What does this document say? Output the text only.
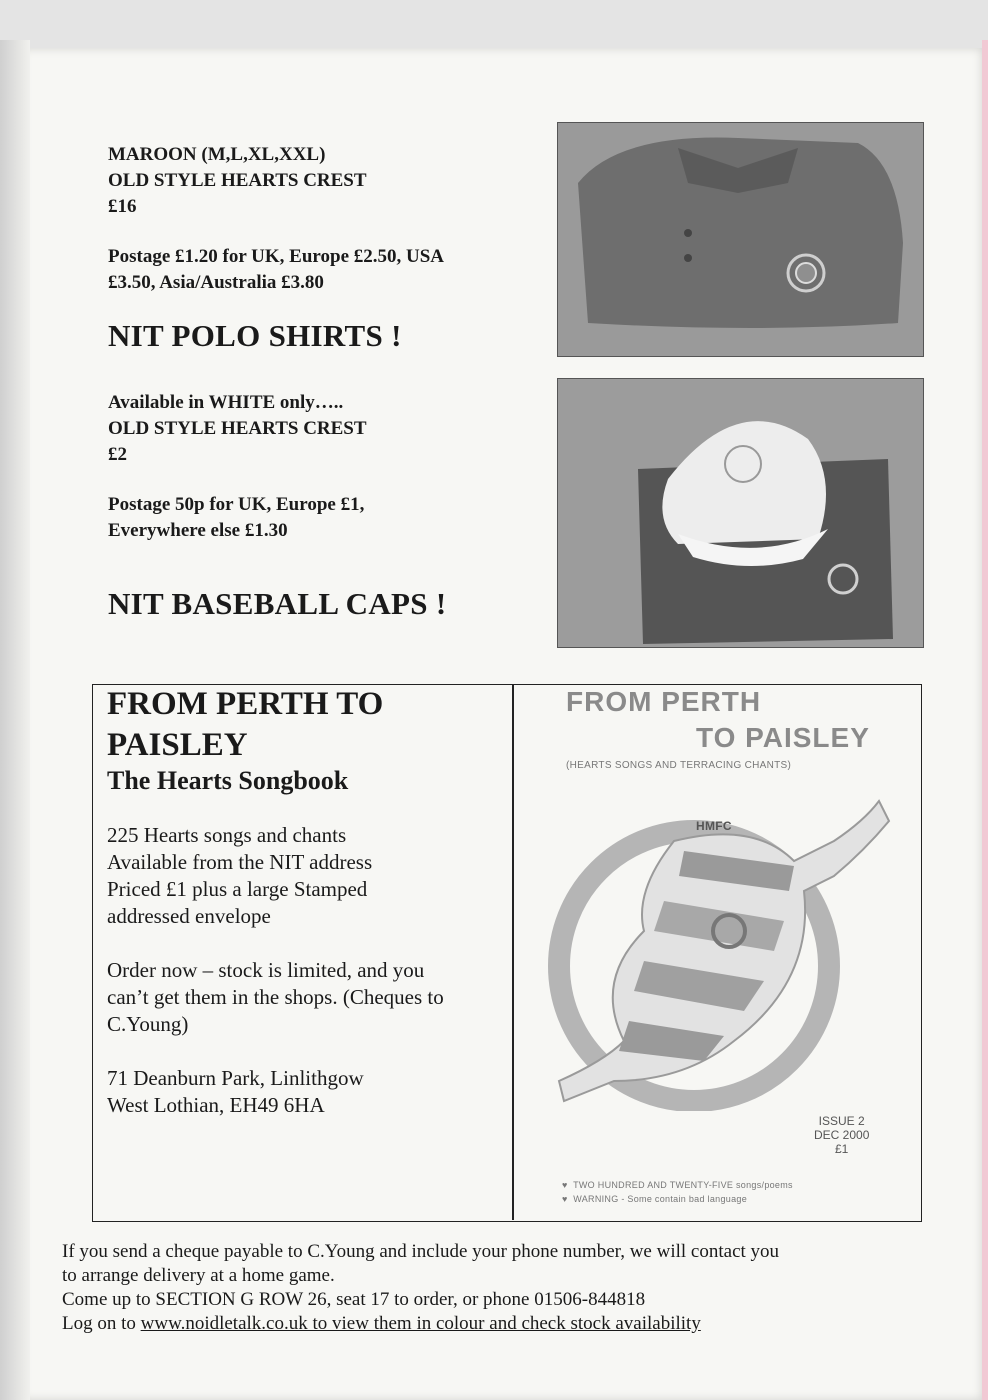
MAROON (M,L,XL,XXL)
OLD STYLE HEARTS CREST
£16
Postage £1.20 for UK, Europe £2.50, USA
£3.50, Asia/Australia £3.80
NIT POLO SHIRTS !
Available in WHITE only…..
OLD STYLE HEARTS CREST
£2
Postage 50p for UK, Europe £1,
Everywhere else £1.30
NIT BASEBALL CAPS !
FROM PERTH TO
PAISLEY
The Hearts Songbook
225 Hearts songs and chants
Available from the NIT address
Priced £1 plus a large Stamped
addressed envelope
Order now – stock is limited, and you
can’t get them in the shops. (Cheques to
C.Young)
71 Deanburn Park, Linlithgow
West Lothian, EH49 6HA
FROM PERTH
TO PAISLEY
(HEARTS SONGS AND TERRACING CHANTS)
HMFC
ISSUE 2
DEC 2000
£1
♥  TWO HUNDRED AND TWENTY-FIVE songs/poems
♥  WARNING - Some contain bad language
If you send a cheque payable to C.Young and include your phone number, we will contact you
to arrange delivery at a home game.
Come up to SECTION G ROW 26, seat 17 to order, or phone 01506-844818
Log on to www.noidletalk.co.uk to view them in colour and check stock availability
